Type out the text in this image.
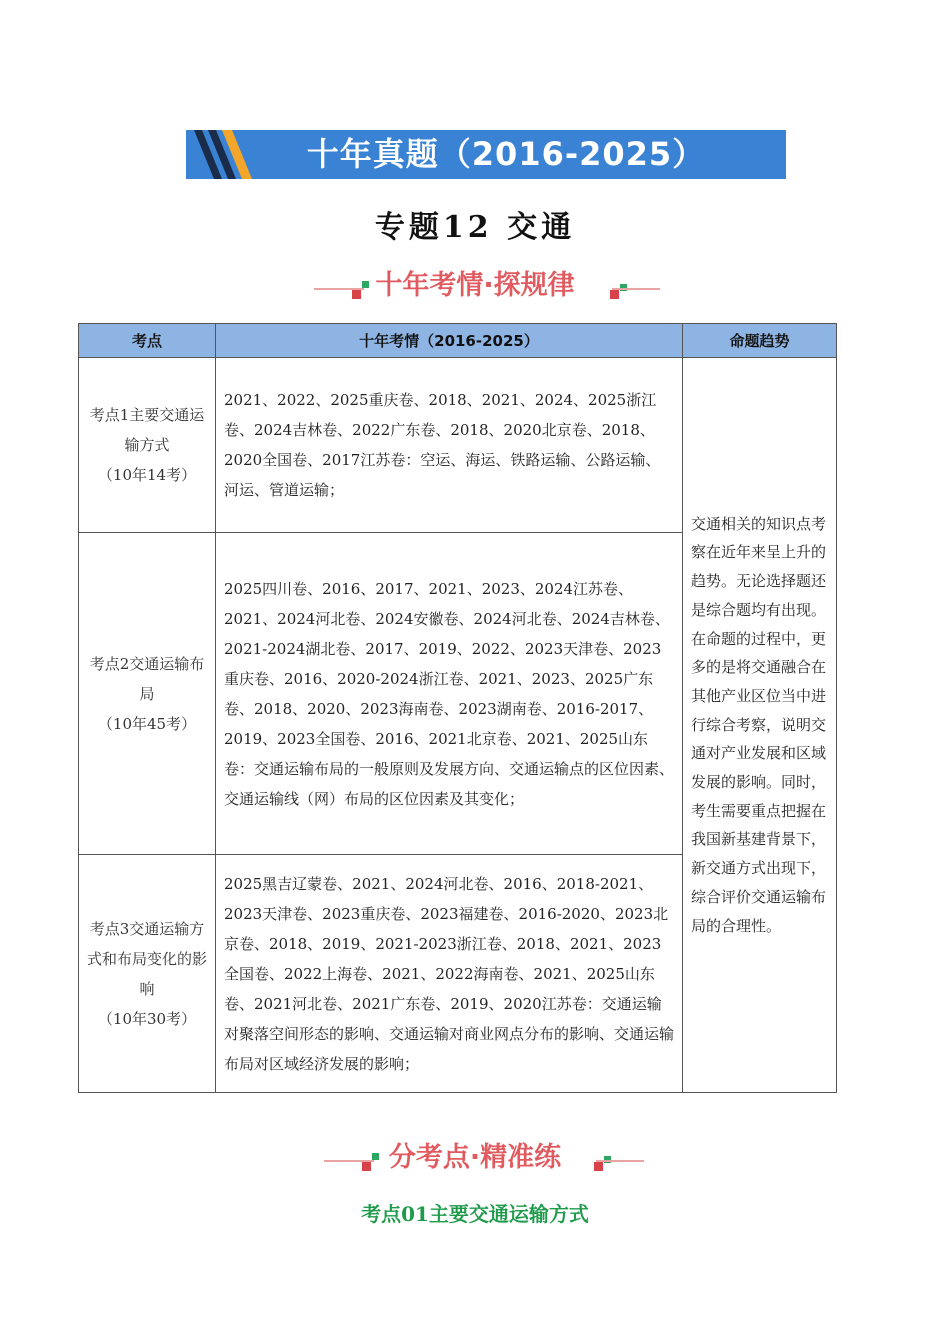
十年真题（2016-2025）
专题12 交通
十年考情·探规律
考点	十年考情（2016-2025）	命题趋势

考点1主要交通运输方式
（10年14考）	2021、2022、2025重庆卷、2018、2021、2024、2025浙江卷、2024吉林卷、2022广东卷、2018、2020北京卷、2018、2020全国卷、2017江苏卷：空运、海运、铁路运输、公路运输、河运、管道运输；	交通相关的知识点考察在近年来呈上升的趋势。无论选择题还是综合题均有出现。在命题的过程中，更多的是将交通融合在其他产业区位当中进行综合考察，说明交通对产业发展和区域发展的影响。同时，考生需要重点把握在我国新基建背景下，新交通方式出现下，综合评价交通运输布局的合理性。

考点2交通运输布局
（10年45考）	2025四川卷、2016、2017、2021、2023、2024江苏卷、2021、2024河北卷、2024安徽卷、2024河北卷、2024吉林卷、2021-2024湖北卷、2017、2019、2022、2023天津卷、2023重庆卷、2016、2020-2024浙江卷、2021、2023、2025广东卷、2018、2020、2023海南卷、2023湖南卷、2016-2017、2019、2023全国卷、2016、2021北京卷、2021、2025山东卷：交通运输布局的一般原则及发展方向、交通运输点的区位因素、交通运输线（网）布局的区位因素及其变化；	

考点3交通运输方式和布局变化的影响
（10年30考）	2025黑吉辽蒙卷、2021、2024河北卷、2016、2018-2021、2023天津卷、2023重庆卷、2023福建卷、2016-2020、2023北京卷、2018、2019、2021-2023浙江卷、2018、2021、2023全国卷、2022上海卷、2021、2022海南卷、2021、2025山东卷、2021河北卷、2021广东卷、2019、2020江苏卷：交通运输对聚落空间形态的影响、交通运输对商业网点分布的影响、交通运输布局对区域经济发展的影响；	
分考点·精准练
考点01主要交通运输方式
